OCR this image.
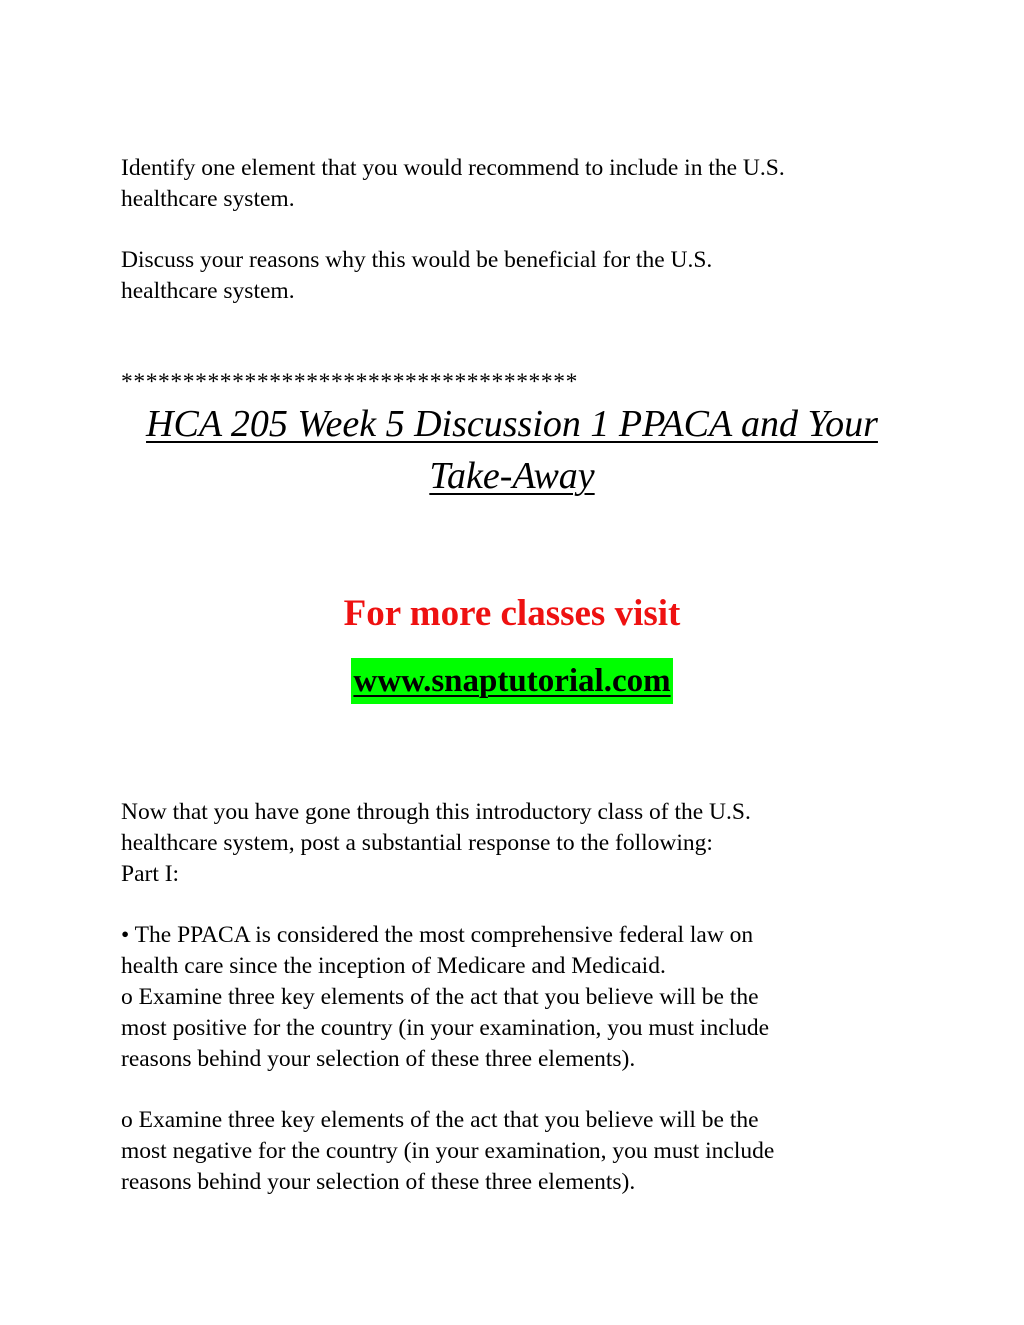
Identify one element that you would recommend to include in the U.S.
healthcare system.

Discuss your reasons why this would be beneficial for the U.S.
healthcare system.

*************************************
HCA 205 Week 5 Discussion 1 PPACA and Your
Take-Away

For more classes visit

www.snaptutorial.com

Now that you have gone through this introductory class of the U.S.
healthcare system, post a substantial response to the following:
Part I:

• The PPACA is considered the most comprehensive federal law on
health care since the inception of Medicare and Medicaid.
o Examine three key elements of the act that you believe will be the
most positive for the country (in your examination, you must include
reasons behind your selection of these three elements).

o Examine three key elements of the act that you believe will be the
most negative for the country (in your examination, you must include
reasons behind your selection of these three elements).
